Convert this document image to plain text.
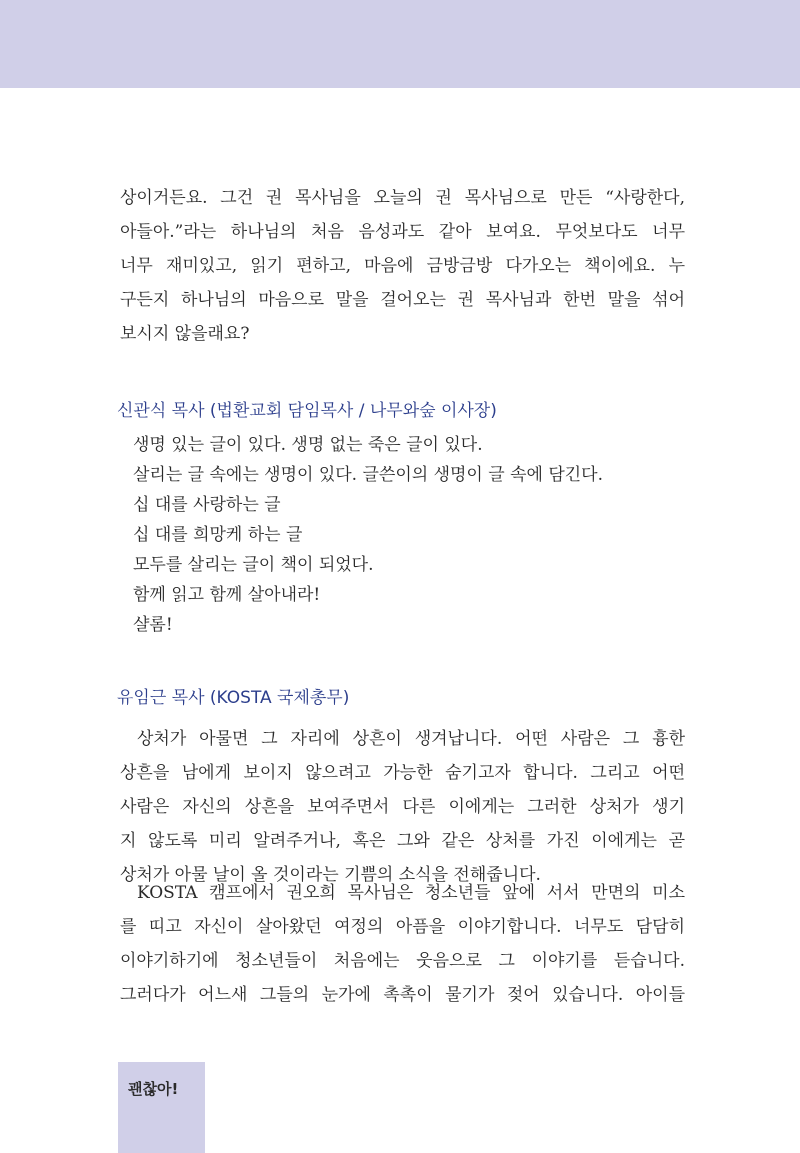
상이거든요. 그건 권 목사님을 오늘의 권 목사님으로 만든 “사랑한다,

아들아.”라는 하나님의 처음 음성과도 같아 보여요. 무엇보다도 너무

너무 재미있고, 읽기 편하고, 마음에 금방금방 다가오는 책이에요. 누

구든지 하나님의 마음으로 말을 걸어오는 권 목사님과 한번 말을 섞어

보시지 않을래요?

신관식 목사 (법환교회 담임목사 / 나무와숲 이사장)

생명 있는 글이 있다. 생명 없는 죽은 글이 있다.
살리는 글 속에는 생명이 있다. 글쓴이의 생명이 글 속에 담긴다.
십 대를 사랑하는 글
십 대를 희망케 하는 글
모두를 살리는 글이 책이 되었다.
함께 읽고 함께 살아내라!
샬롬!

유임근 목사 (KOSTA 국제총무)

상처가 아물면 그 자리에 상흔이 생겨납니다. 어떤 사람은 그 흉한

상흔을 남에게 보이지 않으려고 가능한 숨기고자 합니다. 그리고 어떤

사람은 자신의 상흔을 보여주면서 다른 이에게는 그러한 상처가 생기

지 않도록 미리 알려주거나, 혹은 그와 같은 상처를 가진 이에게는 곧

상처가 아물 날이 올 것이라는 기쁨의 소식을 전해줍니다.

KOSTA 캠프에서 권오희 목사님은 청소년들 앞에 서서 만면의 미소

를 띠고 자신이 살아왔던 여정의 아픔을 이야기합니다. 너무도 담담히

이야기하기에 청소년들이 처음에는 웃음으로 그 이야기를 듣습니다.

그러다가 어느새 그들의 눈가에 촉촉이 물기가 젖어 있습니다. 아이들

괜찮아!
